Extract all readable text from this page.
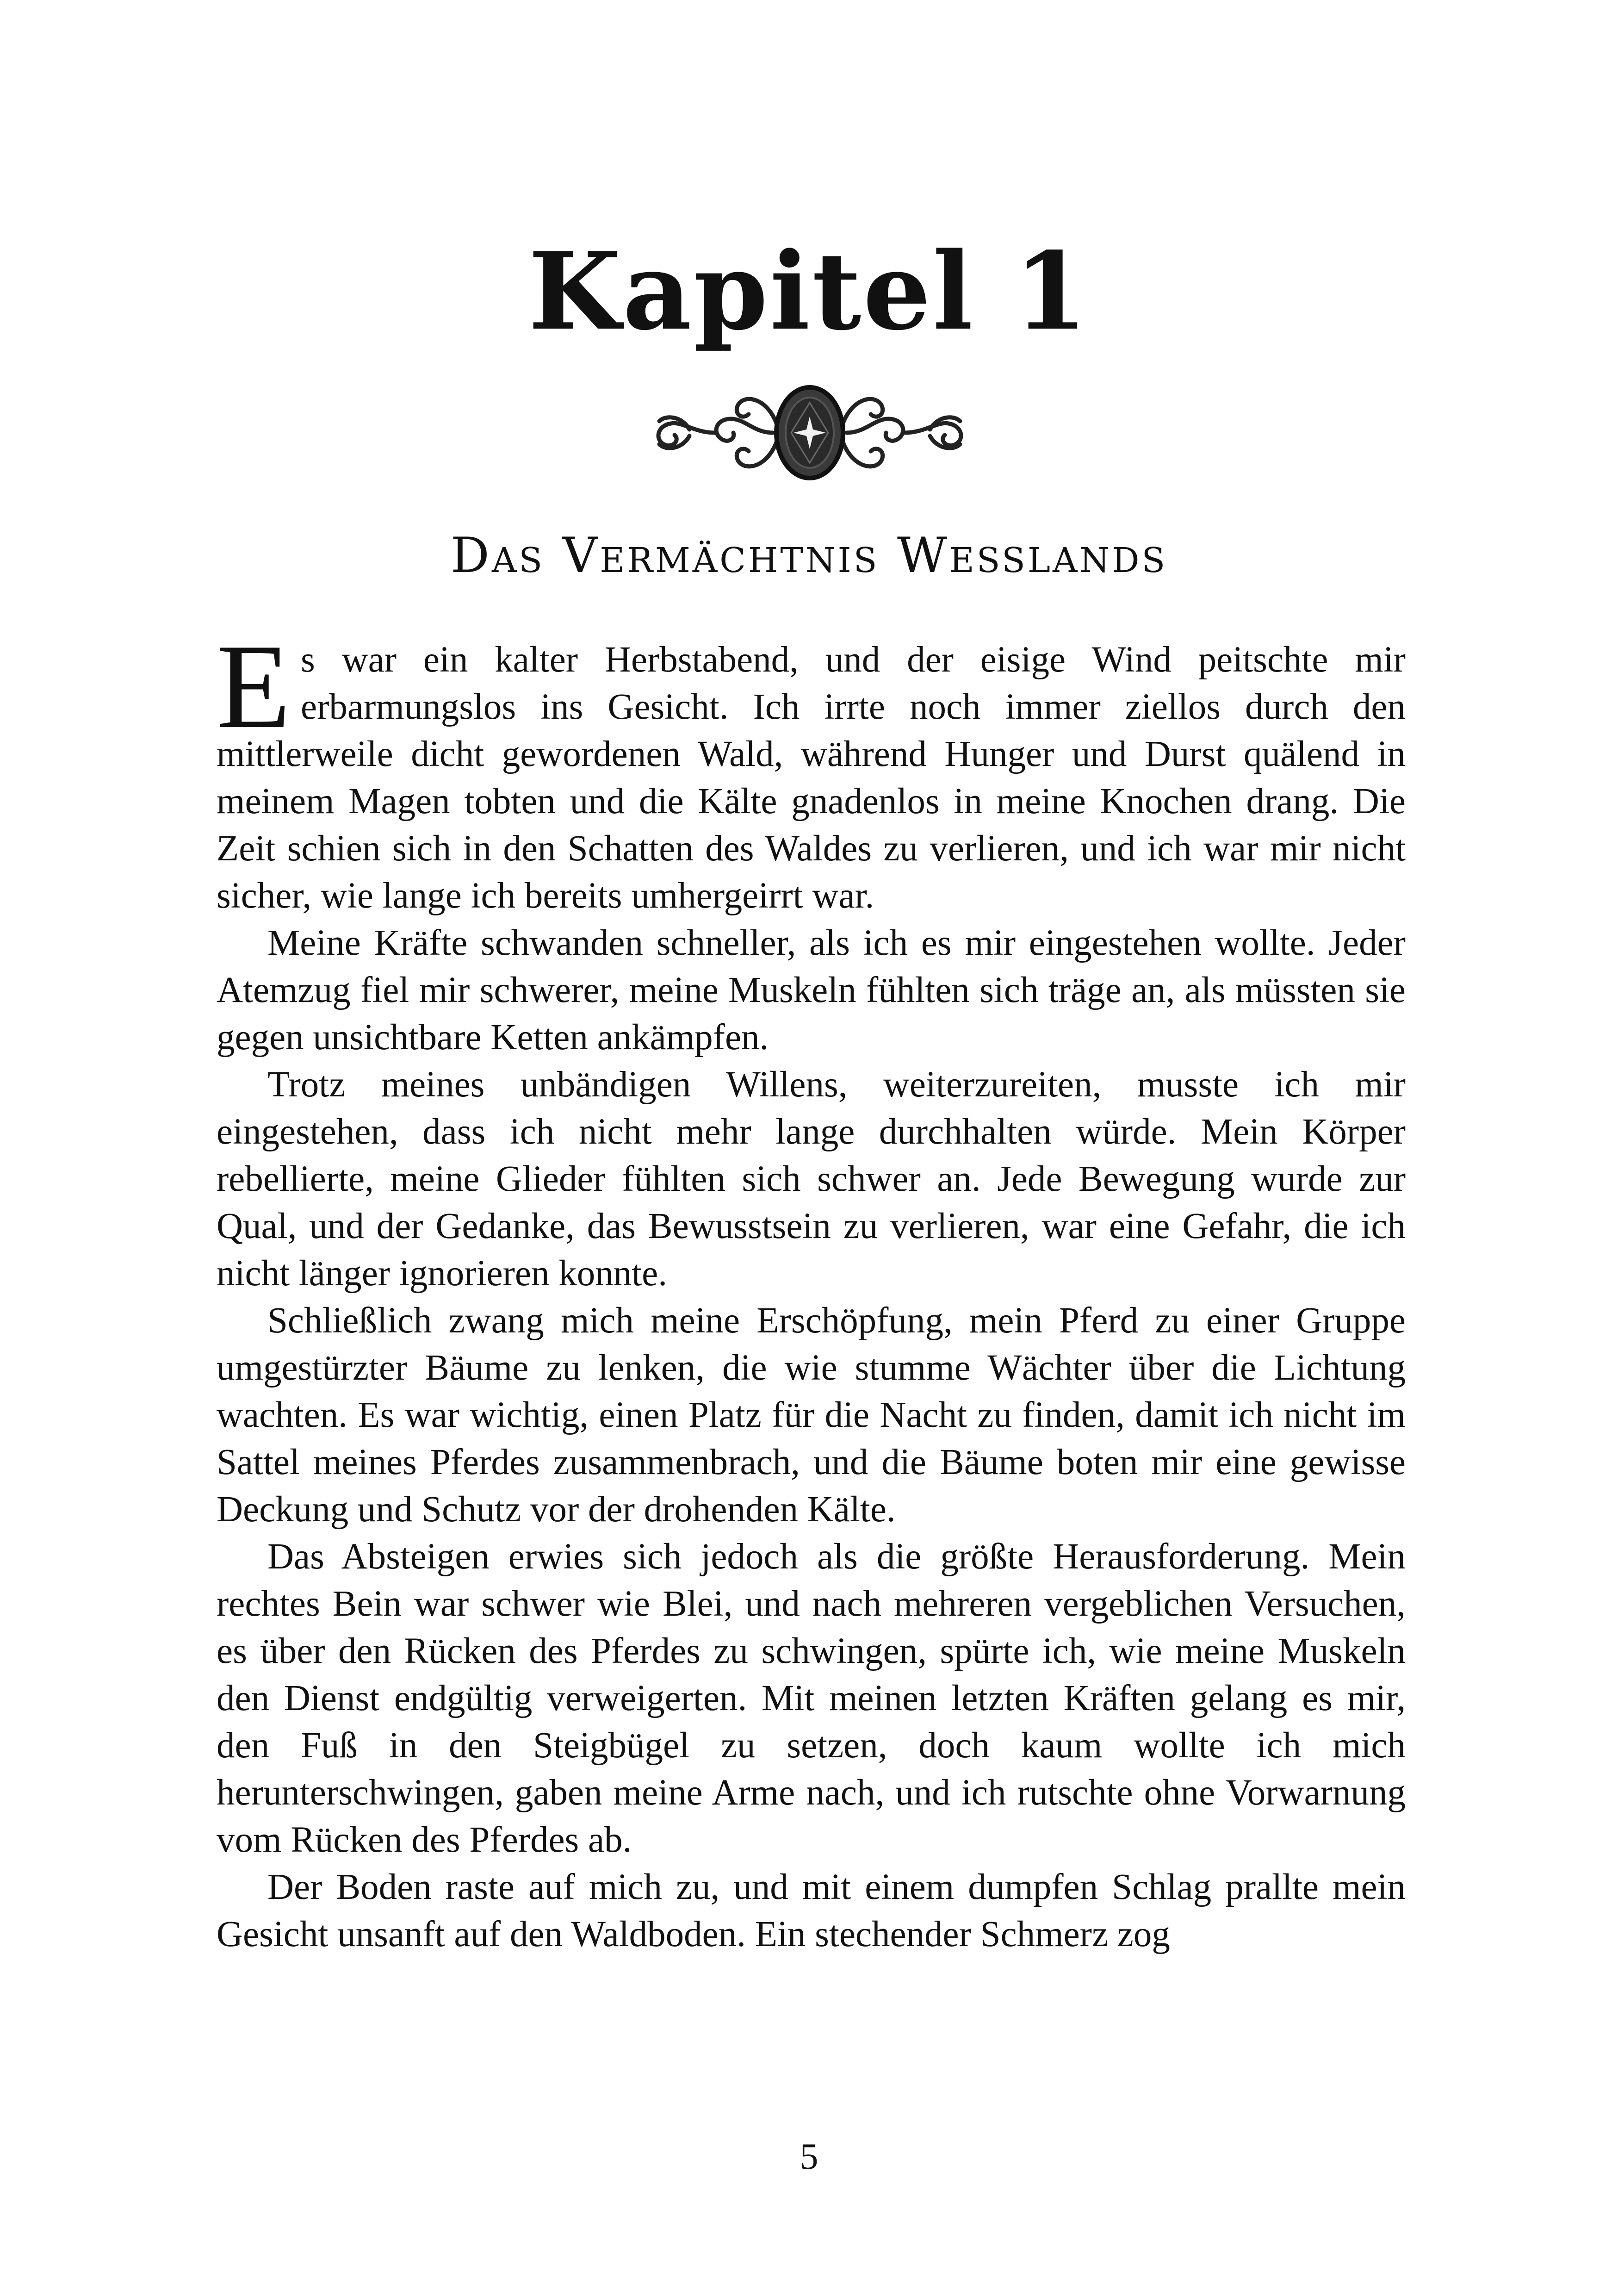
Kapitel 1
Das Vermächtnis Wesslands

Es war ein kalter Herbstabend, und der eisige Wind peitschte mir erbarmungslos ins Gesicht. Ich irrte noch immer ziellos durch den mittlerweile dicht gewordenen Wald, während Hunger und Durst quälend in meinem Magen tobten und die Kälte gnadenlos in meine Knochen drang. Die Zeit schien sich in den Schatten des Waldes zu verlieren, und ich war mir nicht sicher, wie lange ich bereits umhergeirrt war.

Meine Kräfte schwanden schneller, als ich es mir eingestehen wollte. Jeder Atemzug fiel mir schwerer, meine Muskeln fühlten sich träge an, als müssten sie gegen unsichtbare Ketten ankämpfen.

Trotz meines unbändigen Willens, weiterzureiten, musste ich mir eingestehen, dass ich nicht mehr lange durchhalten würde. Mein Körper rebellierte, meine Glieder fühlten sich schwer an. Jede Bewegung wurde zur Qual, und der Gedanke, das Bewusstsein zu verlieren, war eine Gefahr, die ich nicht länger ignorieren konnte.

Schließlich zwang mich meine Erschöpfung, mein Pferd zu einer Gruppe umgestürzter Bäume zu lenken, die wie stumme Wächter über die Lichtung wachten. Es war wichtig, einen Platz für die Nacht zu finden, damit ich nicht im Sattel meines Pferdes zusammenbrach, und die Bäume boten mir eine gewisse Deckung und Schutz vor der drohenden Kälte.

Das Absteigen erwies sich jedoch als die größte Herausforderung. Mein rechtes Bein war schwer wie Blei, und nach mehreren vergeblichen Versuchen, es über den Rücken des Pferdes zu schwingen, spürte ich, wie meine Muskeln den Dienst endgültig verweigerten. Mit meinen letzten Kräften gelang es mir, den Fuß in den Steigbügel zu setzen, doch kaum wollte ich mich herunterschwingen, gaben meine Arme nach, und ich rutschte ohne Vorwarnung vom Rücken des Pferdes ab.

Der Boden raste auf mich zu, und mit einem dumpfen Schlag prallte mein Gesicht unsanft auf den Waldboden. Ein stechender Schmerz zog

5
